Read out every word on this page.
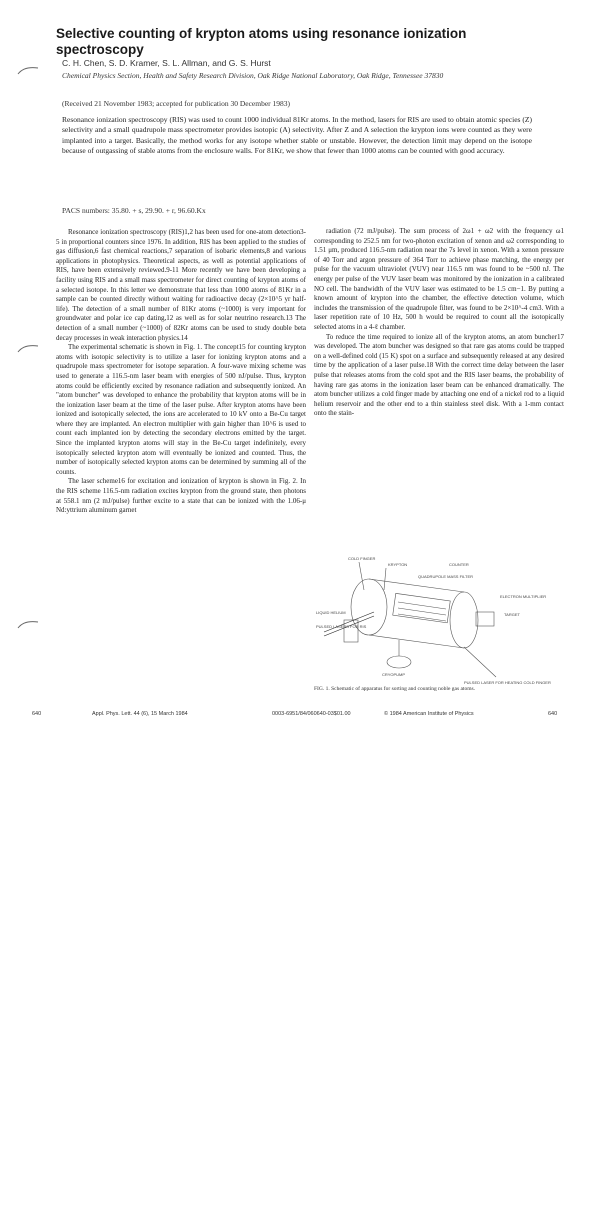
Selective counting of krypton atoms using resonance ionization spectroscopy
C. H. Chen, S. D. Kramer, S. L. Allman, and G. S. Hurst
Chemical Physics Section, Health and Safety Research Division, Oak Ridge National Laboratory, Oak Ridge, Tennessee 37830
(Received 21 November 1983; accepted for publication 30 December 1983)

Resonance ionization spectroscopy (RIS) was used to count 1000 individual 81Kr atoms. In the method, lasers for RIS are used to obtain atomic species (Z) selectivity and a small quadrupole mass spectrometer provides isotopic (A) selectivity. After Z and A selection the krypton ions were counted as they were implanted into a target. Basically, the method works for any isotope whether stable or unstable. However, the detection limit may depend on the isotope because of outgassing of stable atoms from the enclosure walls. For 81Kr, we show that fewer than 1000 atoms can be counted with good accuracy.

PACS numbers: 35.80. + s, 29.90. + r, 96.60.Kx

Resonance ionization spectroscopy (RIS)1,2 has been used for one-atom detection3-5 in proportional counters since 1976. In addition, RIS has been applied to the studies of gas diffusion,6 fast chemical reactions,7 separation of isobaric elements,8 and various applications in photophysics. Theoretical aspects, as well as potential applications of RIS, have been extensively reviewed.9-11 More recently we have been developing a facility using RIS and a small mass spectrometer for direct counting of krypton atoms of a selected isotope. In this letter we demonstrate that less than 1000 atoms of 81Kr in a sample can be counted directly without waiting for radioactive decay (2×10^5 yr half-life). The detection of a small number of 81Kr atoms (~1000) is very important for groundwater and polar ice cap dating,12 as well as for solar neutrino research.13 The detection of a small number (~1000) of 82Kr atoms can be used to study double beta decay processes in weak interaction physics.14

The experimental schematic is shown in Fig. 1. The concept15 for counting krypton atoms with isotopic selectivity is to utilize a laser for ionizing krypton atoms and a quadrupole mass spectrometer for isotope separation. A four-wave mixing scheme was used to generate a 116.5-nm laser beam with energies of 500 nJ/pulse. Thus, krypton atoms could be efficiently excited by resonance radiation and subsequently ionized. An "atom buncher" was developed to enhance the probability that krypton atoms will be in the ionization laser beam at the time of the laser pulse. After krypton atoms have been ionized and isotopically selected, the ions are accelerated to 10 kV onto a Be-Cu target where they are implanted. An electron multiplier with gain higher than 10^6 is used to count each implanted ion by detecting the secondary electrons emitted by the target. Since the implanted krypton atoms will stay in the Be-Cu target indefinitely, every isotopically selected krypton atom will eventually be ionized and counted. Thus, the number of isotopically selected krypton atoms can be determined by summing all of the counts.

The laser scheme16 for excitation and ionization of krypton is shown in Fig. 2. In the RIS scheme 116.5-nm radiation excites krypton from the ground state, then photons at 558.1 nm (2 mJ/pulse) further excite to a state that can be ionized with the 1.06-μ Nd:yttrium aluminum garnet

radiation (72 mJ/pulse). The sum process of 2ω1 + ω2 with the frequency ω1 corresponding to 252.5 nm for two-photon excitation of xenon and ω2 corresponding to 1.51 μm, produced 116.5-nm radiation near the 7s level in xenon. With a xenon pressure of 40 Torr and argon pressure of 364 Torr to achieve phase matching, the energy per pulse for the vacuum ultraviolet (VUV) near 116.5 nm was found to be ~500 nJ. The energy per pulse of the VUV laser beam was monitored by the ionization in a calibrated NO cell. The bandwidth of the VUV laser was estimated to be 1.5 cm−1. By putting a known amount of krypton into the chamber, the effective detection volume, which includes the transmission of the quadrupole filter, was found to be 2×10^-4 cm3. With a laser repetition rate of 10 Hz, 500 h would be required to count all the isotopically selected atoms in a 4-ℓ chamber.

To reduce the time required to ionize all of the krypton atoms, an atom buncher17 was developed. The atom buncher was designed so that rare gas atoms could be trapped on a well-defined cold (15 K) spot on a surface and subsequently released at any desired time by the application of a laser pulse.18 With the correct time delay between the laser pulse that releases atoms from the cold spot and the RIS laser beams, the probability of having rare gas atoms in the ionization laser beam can be enhanced dramatically. The atom buncher utilizes a cold finger made by attaching one end of a nickel rod to a liquid helium reservoir and the other end to a thin stainless steel disk. With a 1-mm contact onto the stain-

COLD FINGER
KRYPTON	COUNTER
QUADRUPOLE MASS FILTER
ELECTRON MULTIPLIER
TARGET
LIQUID HELIUM
PULSED LASERS FOR RIS
CRYOPUMP
PULSED LASER FOR HEATING COLD FINGER
FIG. 1. Schematic of apparatus for sorting and counting noble gas atoms.
640	Appl. Phys. Lett. 44 (6), 15 March 1984	0003-6951/84/060640-03$01.00	© 1984 American Institute of Physics	640
